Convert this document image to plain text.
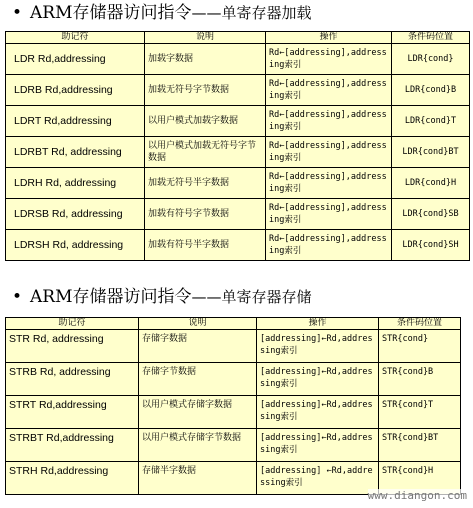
• ARM存储器访问指令——单寄存器加载
助记符	说明	操作	条件码位置
LDR Rd,addressing	加载字数据	Rd←[addressing],addressing索引	LDR{cond}
LDRB Rd,addressing	加载无符号字节数据	Rd←[addressing],addressing索引	LDR{cond}B
LDRT Rd,addressing	以用户模式加载字数据	Rd←[addressing],addressing索引	LDR{cond}T
LDRBT Rd, addressing	以用户模式加载无符号字节数据	Rd←[addressing],addressing索引	LDR{cond}BT
LDRH Rd, addressing	加载无符号半字数据	Rd←[addressing],addressing索引	LDR{cond}H
LDRSB Rd, addressing	加载有符号字节数据	Rd←[addressing],addressing索引	LDR{cond}SB
LDRSH Rd, addressing	加载有符号半字数据	Rd←[addressing],addressing索引	LDR{cond}SH
• ARM存储器访问指令——单寄存器存储
助记符	说明	操作	条件码位置
STR Rd, addressing	存储字数据	[addressing]←Rd,addressing索引	STR{cond}
STRB Rd, addressing	存储字节数据	[addressing]←Rd,addressing索引	STR{cond}B
STRT Rd,addressing	以用户模式存储字数据	[addressing]←Rd,addressing索引	STR{cond}T
STRBT Rd,addressing	以用户模式存储字节数据	[addressing]←Rd,addressing索引	STR{cond}BT
STRH Rd,addressing	存储半字数据	[addressing] ←Rd,addressing索引	STR{cond}H
www.diangon.com
